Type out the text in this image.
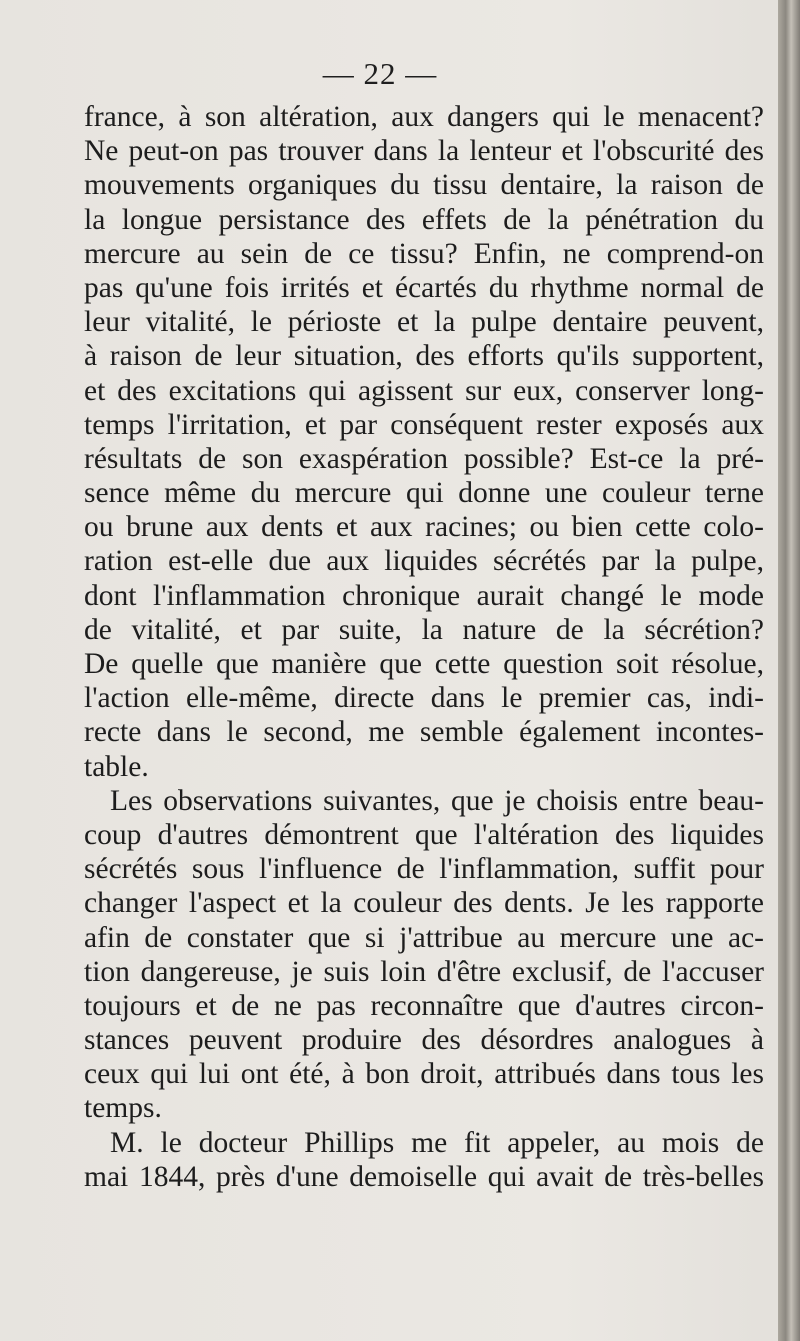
— 22 —
france, à son altération, aux dangers qui le menacent?
Ne peut-on pas trouver dans la lenteur et l'obscurité des
mouvements organiques du tissu dentaire, la raison de
la longue persistance des effets de la pénétration du
mercure au sein de ce tissu? Enfin, ne comprend-on
pas qu'une fois irrités et écartés du rhythme normal de
leur vitalité, le périoste et la pulpe dentaire peuvent,
à raison de leur situation, des efforts qu'ils supportent,
et des excitations qui agissent sur eux, conserver long-
temps l'irritation, et par conséquent rester exposés aux
résultats de son exaspération possible? Est-ce la pré-
sence même du mercure qui donne une couleur terne
ou brune aux dents et aux racines; ou bien cette colo-
ration est-elle due aux liquides sécrétés par la pulpe,
dont l'inflammation chronique aurait changé le mode
de vitalité, et par suite, la nature de la sécrétion?
De quelle que manière que cette question soit résolue,
l'action elle-même, directe dans le premier cas, indi-
recte dans le second, me semble également incontes-
table.
Les observations suivantes, que je choisis entre beau-
coup d'autres démontrent que l'altération des liquides
sécrétés sous l'influence de l'inflammation, suffit pour
changer l'aspect et la couleur des dents. Je les rapporte
afin de constater que si j'attribue au mercure une ac-
tion dangereuse, je suis loin d'être exclusif, de l'accuser
toujours et de ne pas reconnaître que d'autres circon-
stances peuvent produire des désordres analogues à
ceux qui lui ont été, à bon droit, attribués dans tous les
temps.
M. le docteur Phillips me fit appeler, au mois de
mai 1844, près d'une demoiselle qui avait de très-belles
